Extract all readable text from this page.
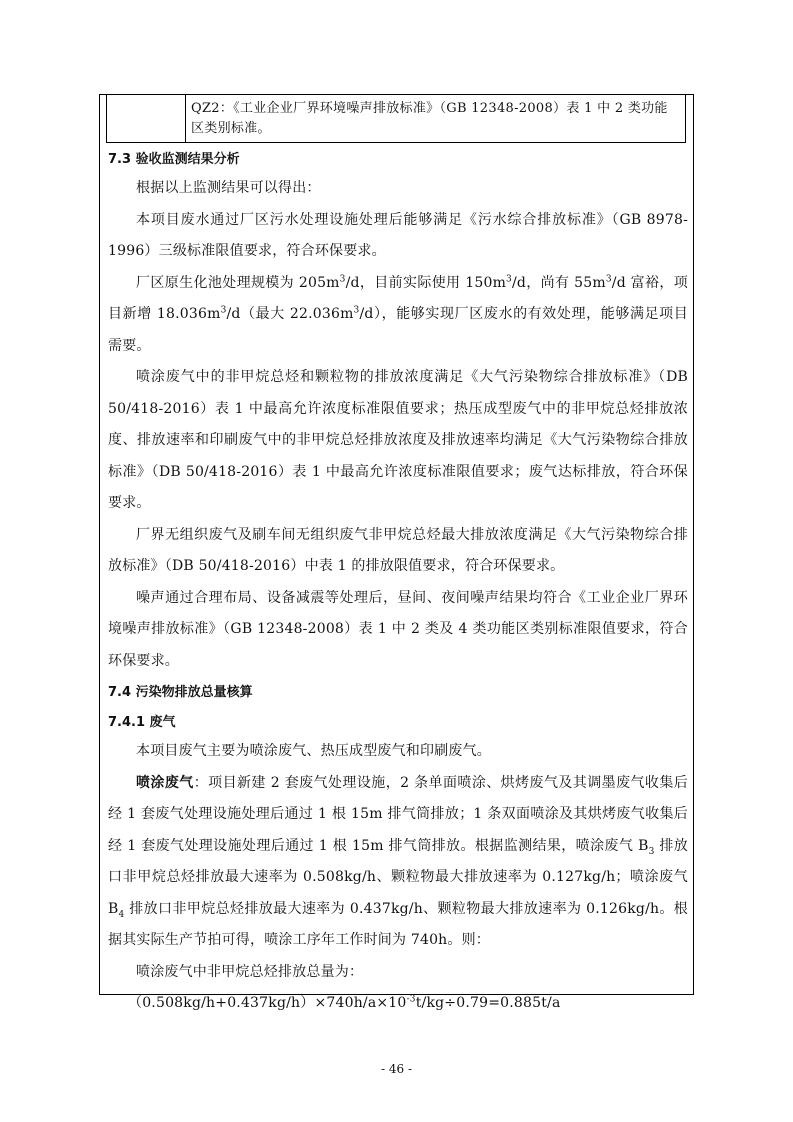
QZ2：《工业企业厂界环境噪声排放标准》（GB 12348-2008）表 1 中 2 类功能区类别标准。
7.3 验收监测结果分析
根据以上监测结果可以得出：
本项目废水通过厂区污水处理设施处理后能够满足《污水综合排放标准》（GB 8978-1996）三级标准限值要求，符合环保要求。
厂区原生化池处理规模为 $205m^3/d$，目前实际使用 $150m^3/d$，尚有 $55m^3/d$ 富裕，项目新增 $18.036m^3/d$（最大 $22.036m^3/d$），能够实现厂区废水的有效处理，能够满足项目需要。
喷涂废气中的非甲烷总烃和颗粒物的排放浓度满足《大气污染物综合排放标准》（DB 50/418-2016）表 1 中最高允许浓度标准限值要求；热压成型废气中的非甲烷总烃排放浓度、排放速率和印刷废气中的非甲烷总烃排放浓度及排放速率均满足《大气污染物综合排放标准》（DB 50/418-2016）表 1 中最高允许浓度标准限值要求；废气达标排放，符合环保要求。
厂界无组织废气及刷车间无组织废气非甲烷总烃最大排放浓度满足《大气污染物综合排放标准》（DB 50/418-2016）中表 1 的排放限值要求，符合环保要求。
噪声通过合理布局、设备减震等处理后，昼间、夜间噪声结果均符合《工业企业厂界环境噪声排放标准》（GB 12348-2008）表 1 中 2 类及 4 类功能区类别标准限值要求，符合环保要求。
7.4 污染物排放总量核算
7.4.1 废气
本项目废气主要为喷涂废气、热压成型废气和印刷废气。
喷涂废气：项目新建 2 套废气处理设施，2 条单面喷涂、烘烤废气及其调墨废气收集后经 1 套废气处理设施处理后通过 1 根 15m 排气筒排放；1 条双面喷涂及其烘烤废气收集后经 1 套废气处理设施处理后通过 1 根 15m 排气筒排放。根据监测结果，喷涂废气 $B_3$ 排放口非甲烷总烃排放最大速率为 0.508kg/h、颗粒物最大排放速率为 0.127kg/h；喷涂废气 $B_4$ 排放口非甲烷总烃排放最大速率为 0.437kg/h、颗粒物最大排放速率为 0.126kg/h。根据其实际生产节拍可得，喷涂工序年工作时间为 740h。则：
喷涂废气中非甲烷总烃排放总量为：
$(0.508kg/h+0.437kg/h)\times 740h/a\times 10^{-3}t/kg\div 0.79=0.885t/a$
- 46 -
